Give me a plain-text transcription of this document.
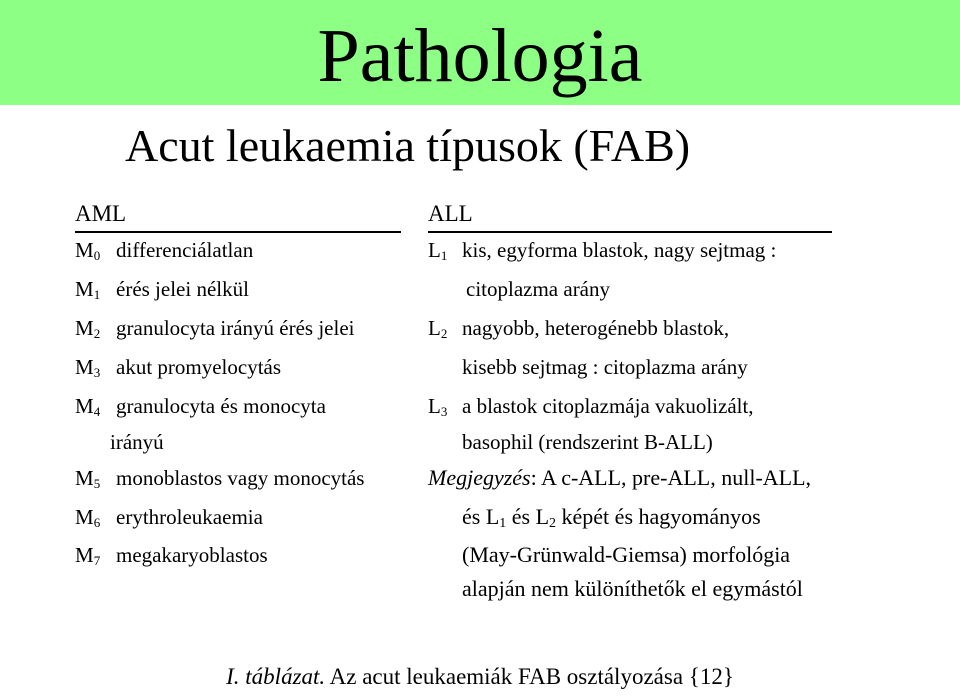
Pathologia
Acut leukaemia típusok (FAB)
AML
$M_0$ differenciálatlan
$M_1$ érés jelei nélkül
$M_2$ granulocyta irányú érés jelei
$M_3$ akut promyelocytás
$M_4$ granulocyta és monocyta
irányú
$M_5$ monoblastos vagy monocytás
$M_6$ erythroleukaemia
$M_7$ megakaryoblastos
ALL
$L_1$ kis, egyforma blastok, nagy sejtmag :
citoplazma arány
$L_2$ nagyobb, heterogénebb blastok,
kisebb sejtmag : citoplazma arány
$L_3$ a blastok citoplazmája vakuolizált,
basophil (rendszerint B-ALL)
Megjegyzés: A c-ALL, pre-ALL, null-ALL,
és $L_1$ és $L_2$ képét és hagyományos
(May-Grünwald-Giemsa) morfológia
alapján nem különíthetők el egymástól
I. táblázat. Az acut leukaemiák FAB osztályozása {12}
